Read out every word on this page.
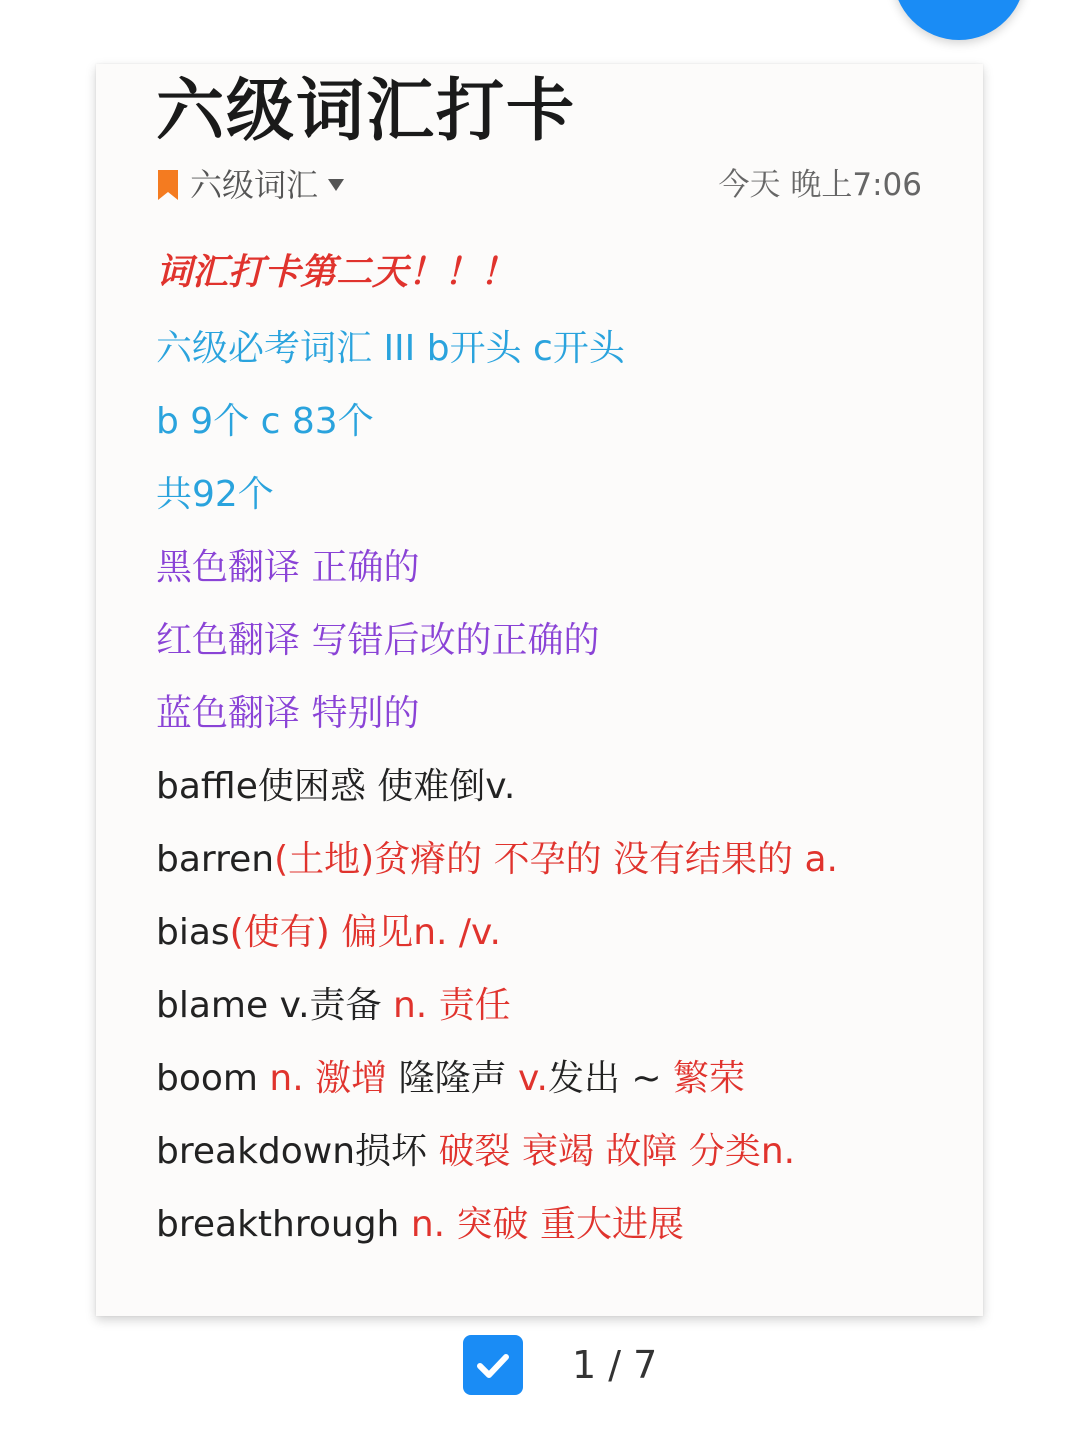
六级词汇打卡
六级词汇	今天 晚上7:06
词汇打卡第二天！！！
六级必考词汇 III b开头 c开头
b 9个 c 83个
共92个
黑色翻译 正确的
红色翻译 写错后改的正确的
蓝色翻译 特别的
baffle使困惑 使难倒v.
barren(土地)贫瘠的 不孕的 没有结果的 a.
bias(使有) 偏见n. /v.
blame v.责备 n. 责任
boom n. 激增 隆隆声 v.发出 ~ 繁荣
breakdown损坏 破裂 衰竭 故障 分类n.
breakthrough n. 突破 重大进展
1 / 7
